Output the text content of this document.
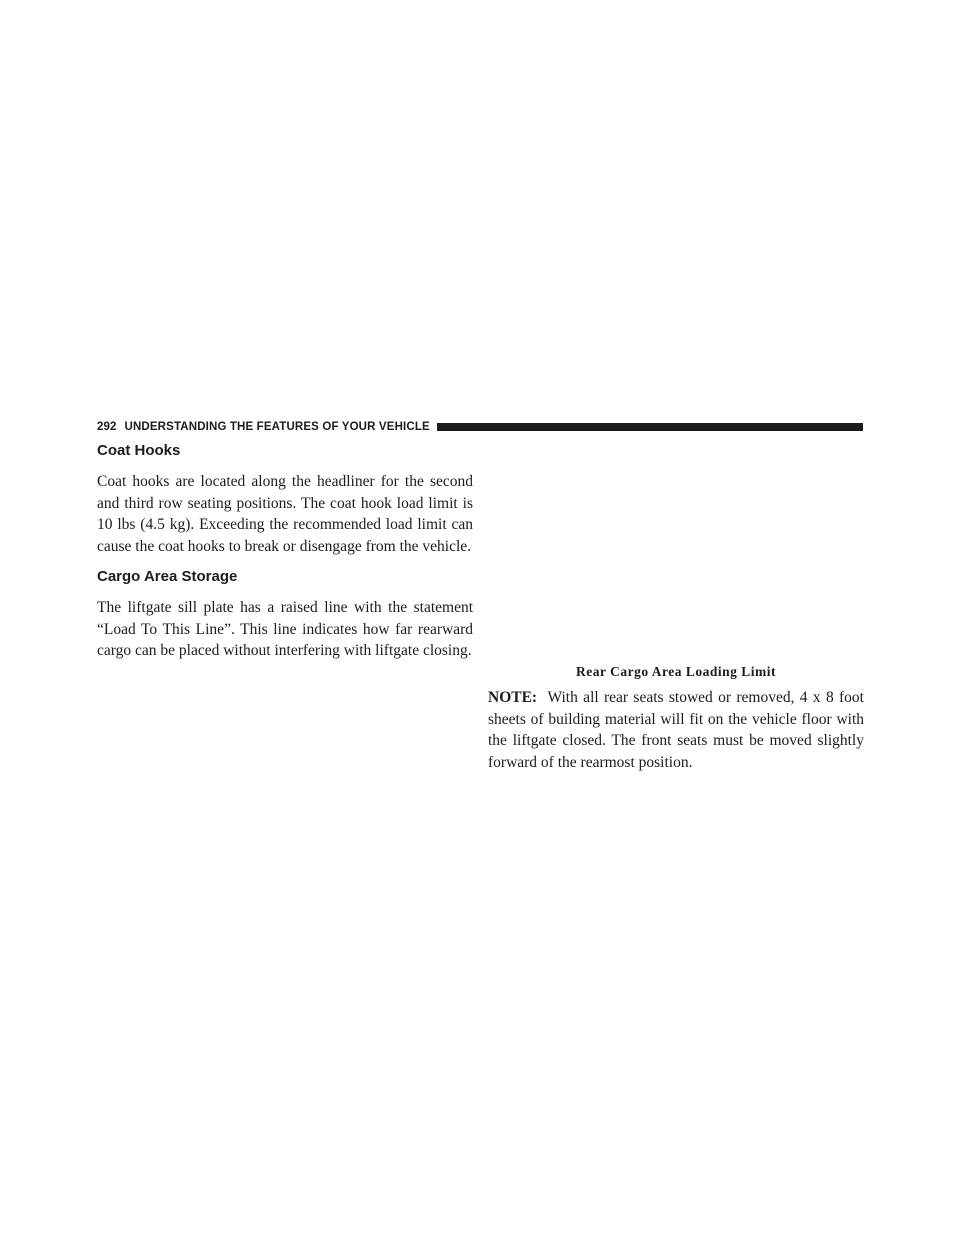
292 UNDERSTANDING THE FEATURES OF YOUR VEHICLE
Coat Hooks

Coat hooks are located along the headliner for the second and third row seating positions. The coat hook load limit is 10 lbs (4.5 kg). Exceeding the recommended load limit can cause the coat hooks to break or disengage from the vehicle.

Cargo Area Storage

The liftgate sill plate has a raised line with the statement “Load To This Line”. This line indicates how far rearward cargo can be placed without interfering with liftgate closing.

Rear Cargo Area Loading Limit

NOTE: With all rear seats stowed or removed, 4 x 8 foot sheets of building material will fit on the vehicle floor with the liftgate closed. The front seats must be moved slightly forward of the rearmost position.
